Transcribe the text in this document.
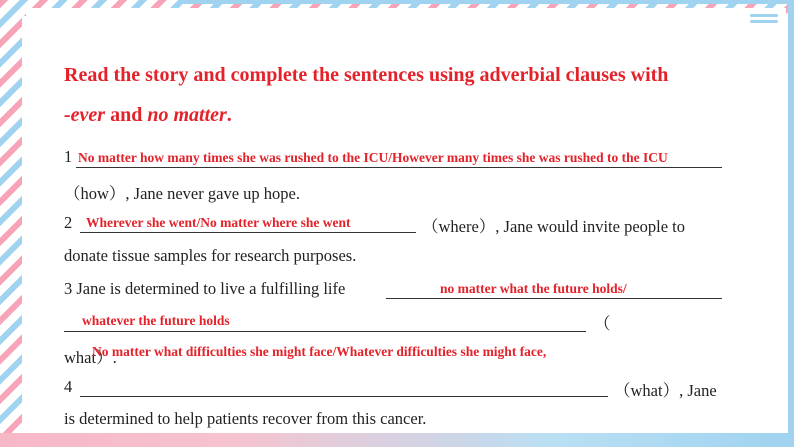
Read the story and complete the sentences using adverbial clauses with

-ever and no matter.

1 No matter how many times she was rushed to the ICU/However many times she was rushed to the ICU
（how）, Jane never gave up hope.
2 Wherever she went/No matter where she went	（where）, Jane would invite people to
donate tissue samples for research purposes.
3 Jane is determined to live a fulfilling life	no matter what the future holds/
whatever the future holds	（
what）.
No matter what difficulties she might face/Whatever difficulties she might face,
4	（what）, Jane
is determined to help patients recover from this cancer.
